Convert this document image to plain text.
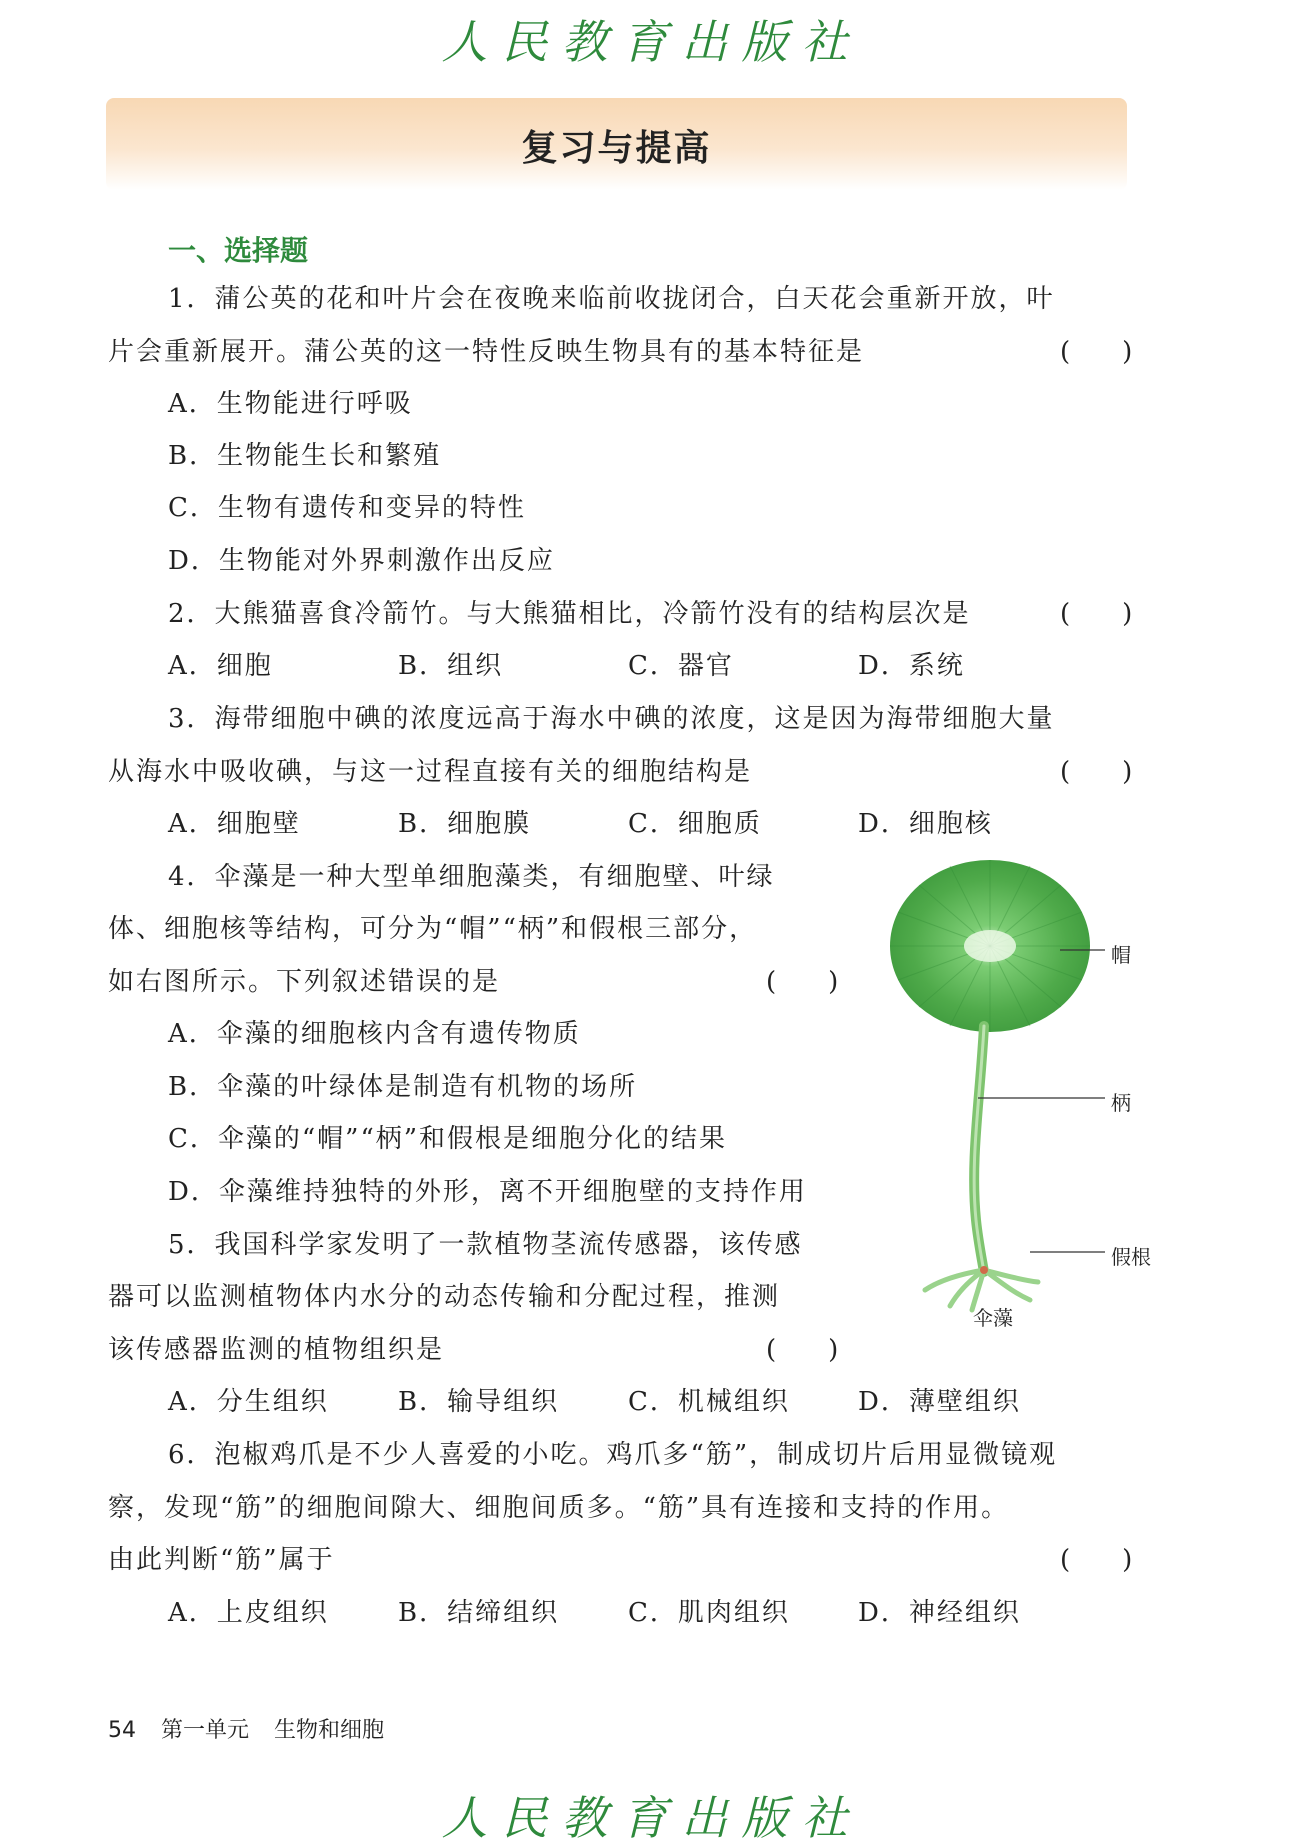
人民教育出版社
复习与提高
一、选择题
1．蒲公英的花和叶片会在夜晚来临前收拢闭合，白天花会重新开放，叶
片会重新展开。蒲公英的这一特性反映生物具有的基本特征是	(　　)
A．生物能进行呼吸
B．生物能生长和繁殖
C．生物有遗传和变异的特性
D．生物能对外界刺激作出反应
2．大熊猫喜食冷箭竹。与大熊猫相比，冷箭竹没有的结构层次是	(　　)
A．细胞	B．组织	C．器官	D．系统
3．海带细胞中碘的浓度远高于海水中碘的浓度，这是因为海带细胞大量
从海水中吸收碘，与这一过程直接有关的细胞结构是	(　　)
A．细胞壁	B．细胞膜	C．细胞质	D．细胞核
4．伞藻是一种大型单细胞藻类，有细胞壁、叶绿
体、细胞核等结构，可分为“帽”“柄”和假根三部分，
如右图所示。下列叙述错误的是	(　　)
A．伞藻的细胞核内含有遗传物质
B．伞藻的叶绿体是制造有机物的场所
C．伞藻的“帽”“柄”和假根是细胞分化的结果
D．伞藻维持独特的外形，离不开细胞壁的支持作用
5．我国科学家发明了一款植物茎流传感器，该传感
器可以监测植物体内水分的动态传输和分配过程，推测
该传感器监测的植物组织是	(　　)
A．分生组织	B．输导组织	C．机械组织	D．薄壁组织
6．泡椒鸡爪是不少人喜爱的小吃。鸡爪多“筋”，制成切片后用显微镜观
察，发现“筋”的细胞间隙大、细胞间质多。“筋”具有连接和支持的作用。
由此判断“筋”属于	(　　)
A．上皮组织	B．结缔组织	C．肌肉组织	D．神经组织
帽
柄
假根
伞藻
54 第一单元 生物和细胞
人民教育出版社
